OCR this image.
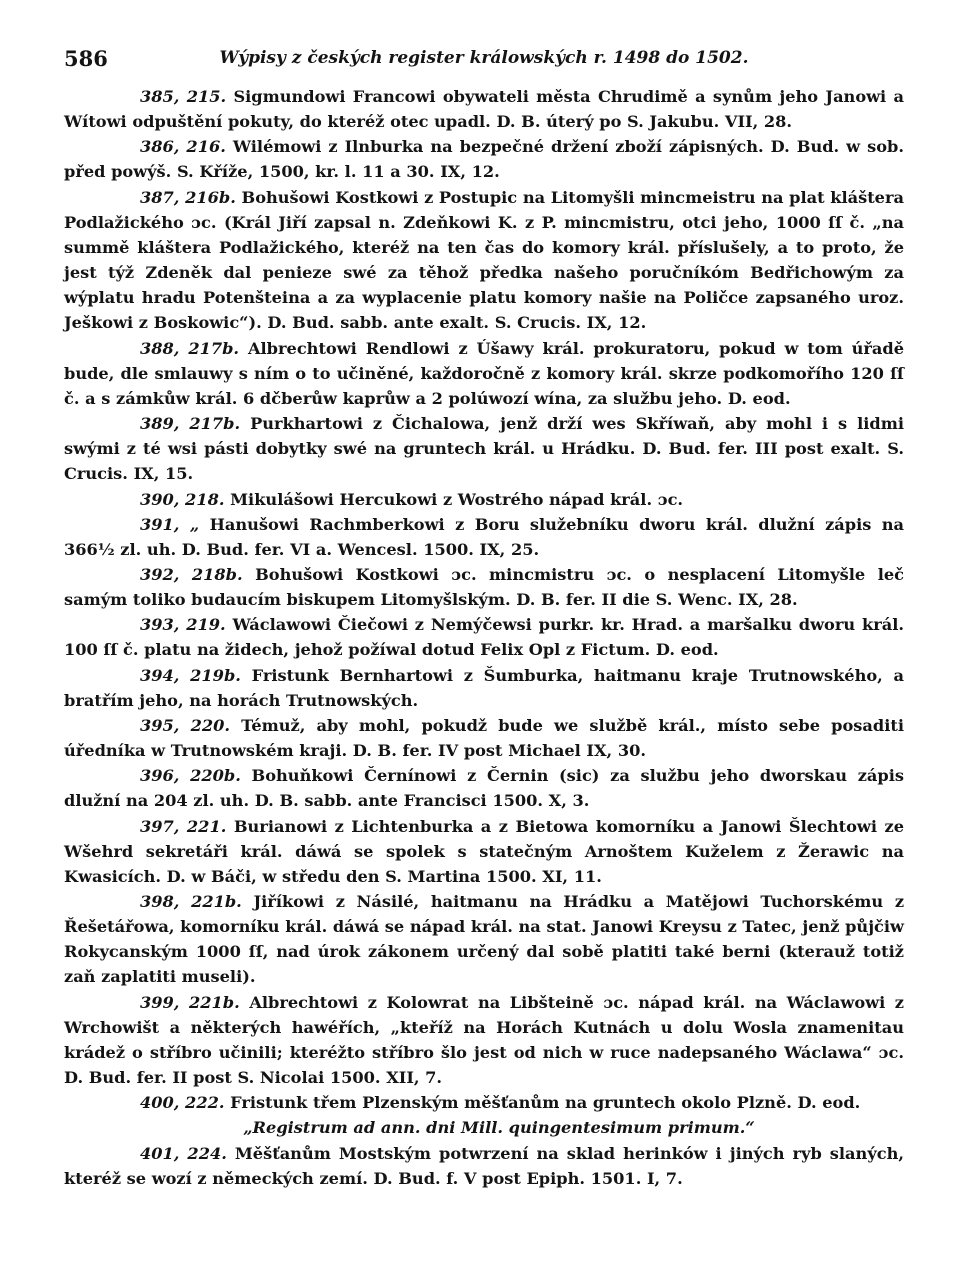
586	Wýpisy z českých register králowských r. 1498 do 1502.

385, 215. Sigmundowi Francowi obywateli města Chrudimě a synům jeho Janowi a Wítowi odpuštění pokuty, do kteréž otec upadl. D. B. úterý po S. Jakubu. VII, 28.

386, 216. Wilémowi z Ilnburka na bezpečné držení zboží zápisných. D. Bud. w sob. před powýš. S. Kříže, 1500, kr. l. 11 a 30. IX, 12.

387, 216b. Bohušowi Kostkowi z Postupic na Litomyšli mincmeistru na plat kláštera Podlažického ɔc. (Král Jiří zapsal n. Zdeňkowi K. z P. mincmistru, otci jeho, 1000 ſſ č. „na summě kláštera Podlažického, kteréž na ten čas do komory král. příslušely, a to proto, že jest týž Zdeněk dal penieze swé za těhož předka našeho poručníkóm Bedřichowým za wýplatu hradu Potenšteina a za wyplacenie platu komory našie na Poličce zapsaného uroz. Ješkowi z Boskowic“). D. Bud. sabb. ante exalt. S. Crucis. IX, 12.

388, 217b. Albrechtowi Rendlowi z Úšawy král. prokuratoru, pokud w tom úřadě bude, dle smlauwy s ním o to učiněné, každoročně z komory král. skrze podkomořího 120 ſſ č. a s zámkůw král. 6 dčberůw kaprůw a 2 polúwozí wína, za službu jeho. D. eod.

389, 217b. Purkhartowi z Čichalowa, jenž drží wes Skříwaň, aby mohl i s lidmi swými z té wsi pásti dobytky swé na gruntech král. u Hrádku. D. Bud. fer. III post exalt. S. Crucis. IX, 15.

390, 218. Mikulášowi Hercukowi z Wostrého nápad král. ɔc.

391, „ Hanušowi Rachmberkowi z Boru služebníku dworu král. dlužní zápis na 366½ zl. uh. D. Bud. fer. VI a. Wencesl. 1500. IX, 25.

392, 218b. Bohušowi Kostkowi ɔc. mincmistru ɔc. o nesplacení Litomyšle leč samým toliko budaucím biskupem Litomyšlským. D. B. fer. II die S. Wenc. IX, 28.

393, 219. Wáclawowi Čiečowi z Nemýčewsi purkr. kr. Hrad. a maršalku dworu král. 100 ſſ č. platu na židech, jehož požíwal dotud Felix Opl z Fictum. D. eod.

394, 219b. Fristunk Bernhartowi z Šumburka, haitmanu kraje Trutnowského, a bratřím jeho, na horách Trutnowských.

395, 220. Témuž, aby mohl, pokudž bude we službě král., místo sebe posaditi úředníka w Trutnowském kraji. D. B. fer. IV post Michael IX, 30.

396, 220b. Bohuňkowi Černínowi z Černin (sic) za službu jeho dworskau zápis dlužní na 204 zl. uh. D. B. sabb. ante Francisci 1500. X, 3.

397, 221. Burianowi z Lichtenburka a z Bietowa komorníku a Janowi Šlechtowi ze Wšehrd sekretáři král. dáwá se spolek s statečným Arnoštem Kuželem z Žerawic na Kwasicích. D. w Báči, w středu den S. Martina 1500. XI, 11.

398, 221b. Jiříkowi z Násilé, haitmanu na Hrádku a Matějowi Tuchorskému z Řešetářowa, komorníku král. dáwá se nápad král. na stat. Janowi Kreysu z Tatec, jenž půjčiw Rokycanským 1000 ſſ, nad úrok zákonem určený dal sobě platiti také berni (kterauž totiž zaň zaplatiti museli).

399, 221b. Albrechtowi z Kolowrat na Libšteině ɔc. nápad král. na Wáclawowi z Wrchowišt a některých hawéřích, „kteříž na Horách Kutnách u dolu Wosla znamenitau krádež o stříbro učinili; kteréžto stříbro šlo jest od nich w ruce nadepsaného Wáclawa“ ɔc. D. Bud. fer. II post S. Nicolai 1500. XII, 7.

400, 222. Fristunk třem Plzenským měšťanům na gruntech okolo Plzně. D. eod.

„Registrum ad ann. dni Mill. quingentesimum primum.“

401, 224. Měšťanům Mostským potwrzení na sklad herinków i jiných ryb slaných, kteréž se wozí z německých zemí. D. Bud. f. V post Epiph. 1501. I, 7.
